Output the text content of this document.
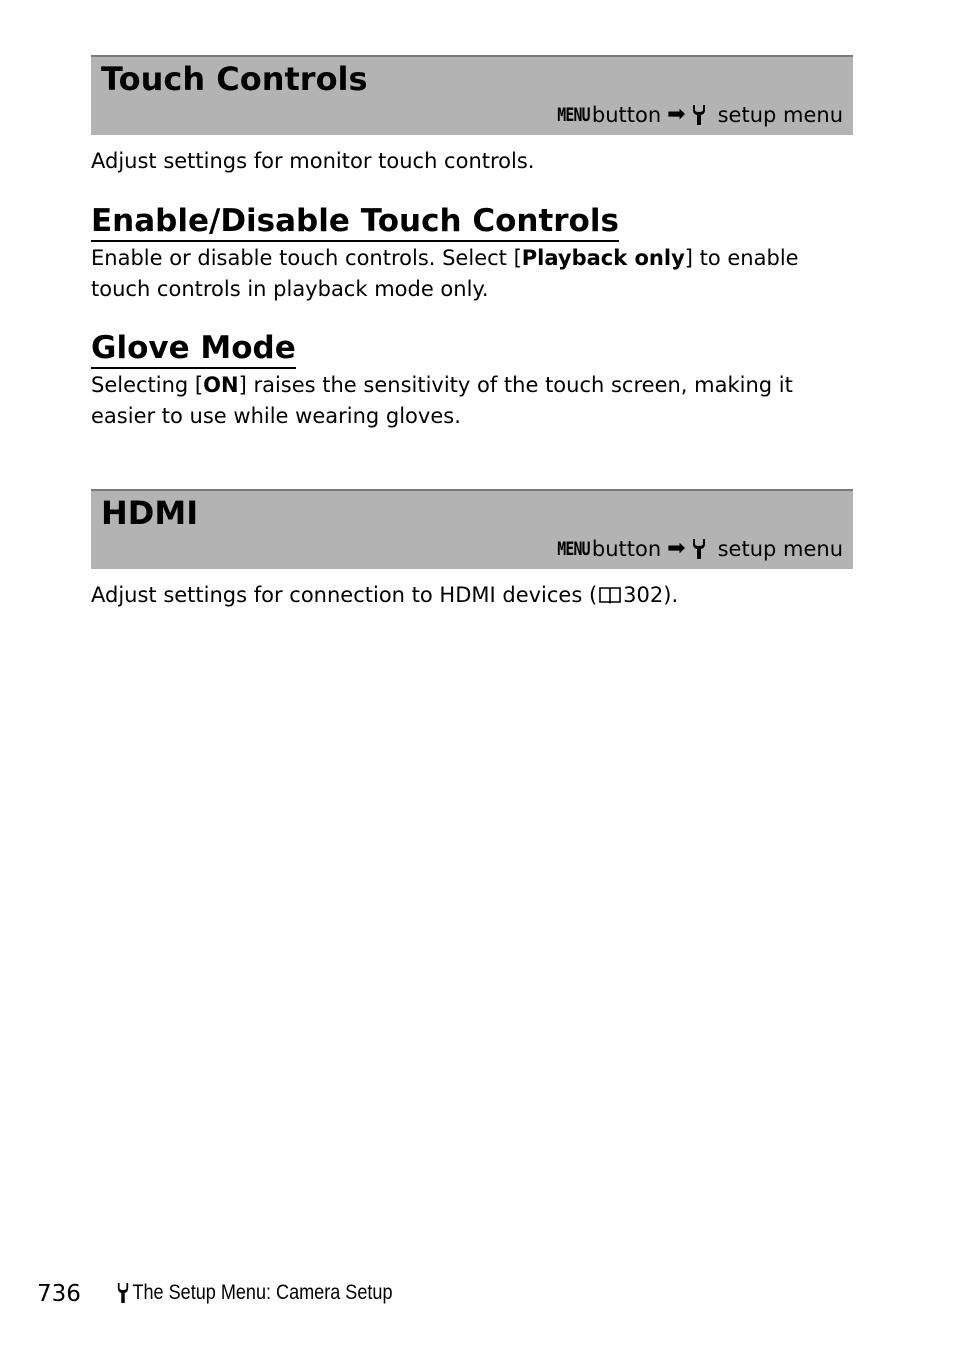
Touch Controls
MENU button ➡ setup menu

Adjust settings for monitor touch controls.

Enable/Disable Touch Controls

Enable or disable touch controls. Select [Playback only] to enable touch controls in playback mode only.

Glove Mode

Selecting [ON] raises the sensitivity of the touch screen, making it easier to use while wearing gloves.

HDMI
MENU button ➡ setup menu

Adjust settings for connection to HDMI devices ( 302).

736 The Setup Menu: Camera Setup
